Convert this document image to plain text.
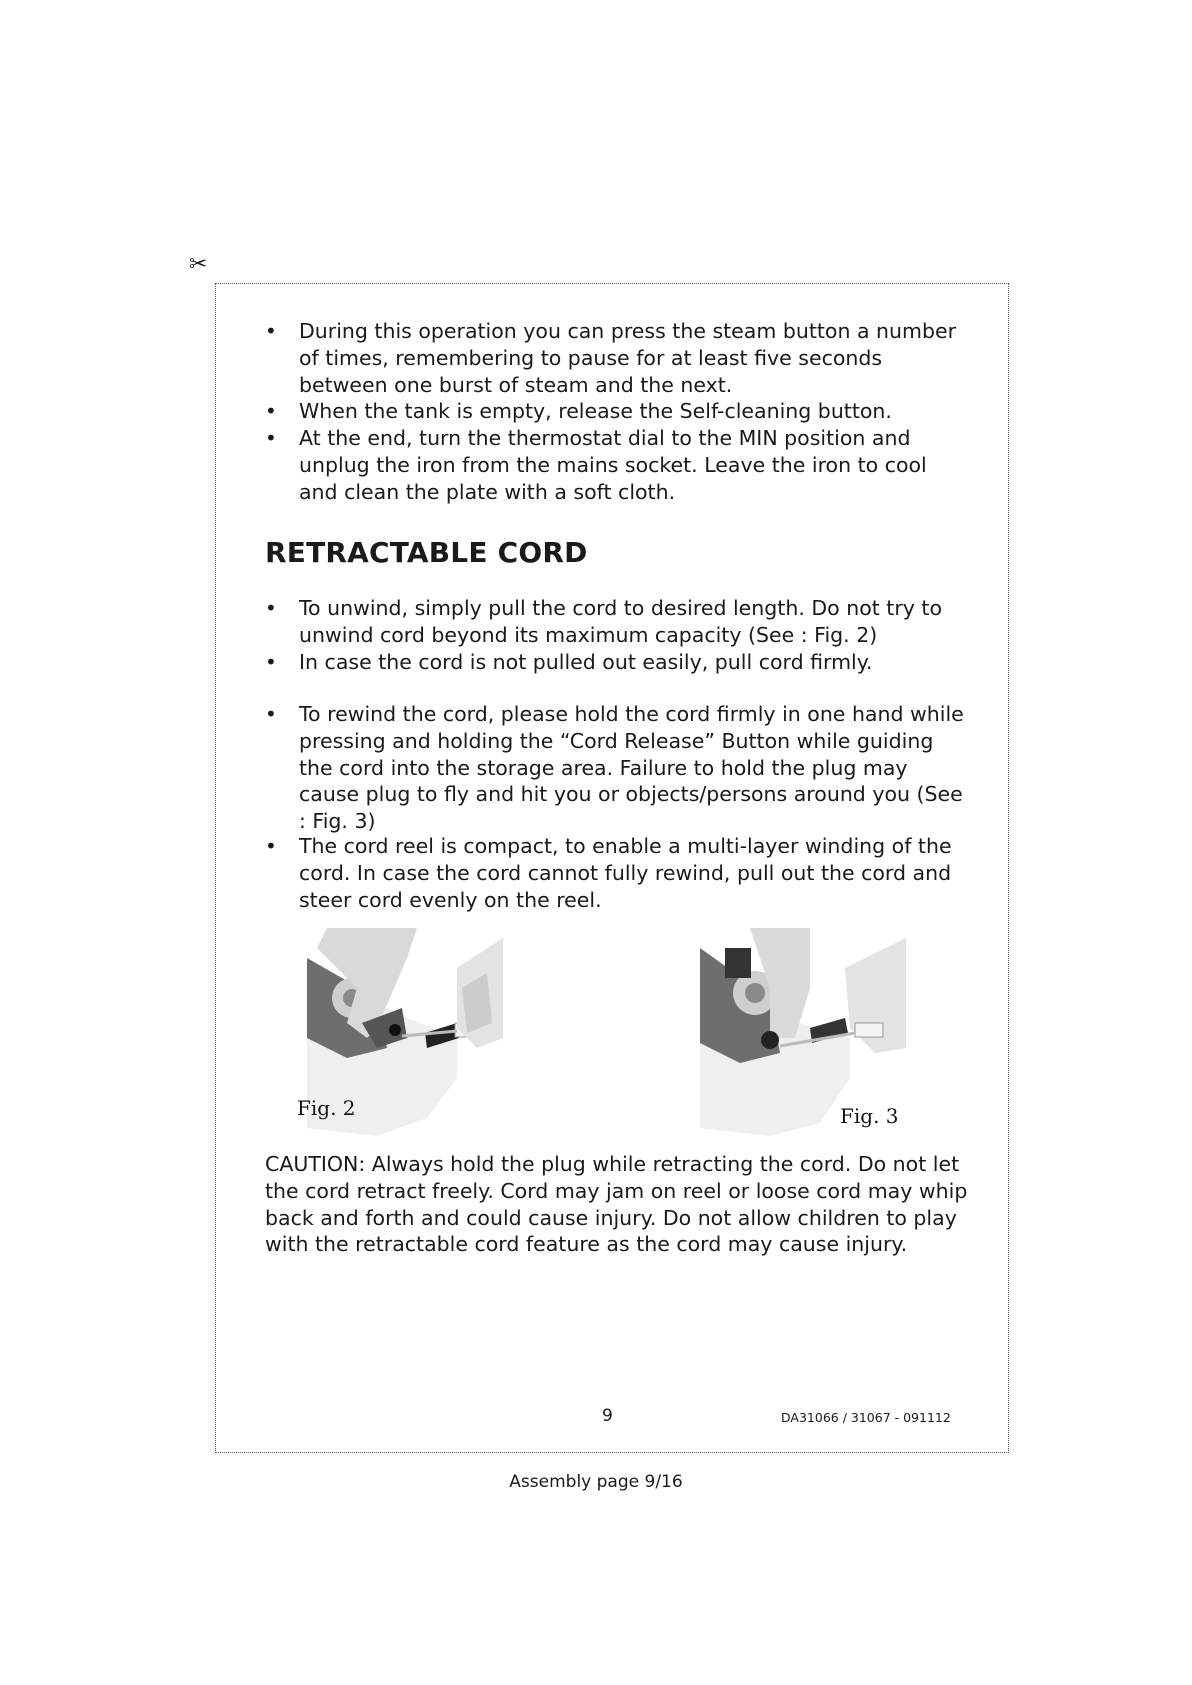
✂
• During this operation you can press the steam button a number of times, remembering to pause for at least five seconds between one burst of steam and the next.
• When the tank is empty, release the Self-cleaning button.
• At the end, turn the thermostat dial to the MIN position and unplug the iron from the mains socket. Leave the iron to cool and clean the plate with a soft cloth.
RETRACTABLE CORD
• To unwind, simply pull the cord to desired length. Do not try to unwind cord beyond its maximum capacity (See : Fig. 2)
• In case the cord is not pulled out easily, pull cord firmly.
• To rewind the cord, please hold the cord firmly in one hand while pressing and holding the “Cord Release” Button while guiding the cord into the storage area. Failure to hold the plug may cause plug to fly and hit you or objects/persons around you (See : Fig. 3)
• The cord reel is compact, to enable a multi-layer winding of the cord. In case the cord cannot fully rewind, pull out the cord and steer cord evenly on the reel.
Fig. 2	Fig. 3

CAUTION: Always hold the plug while retracting the cord. Do not let the cord retract freely. Cord may jam on reel or loose cord may whip back and forth and could cause injury. Do not allow children to play with the retractable cord feature as the cord may cause injury.

9	DA31066 / 31067 - 091112
Assembly page 9/16
